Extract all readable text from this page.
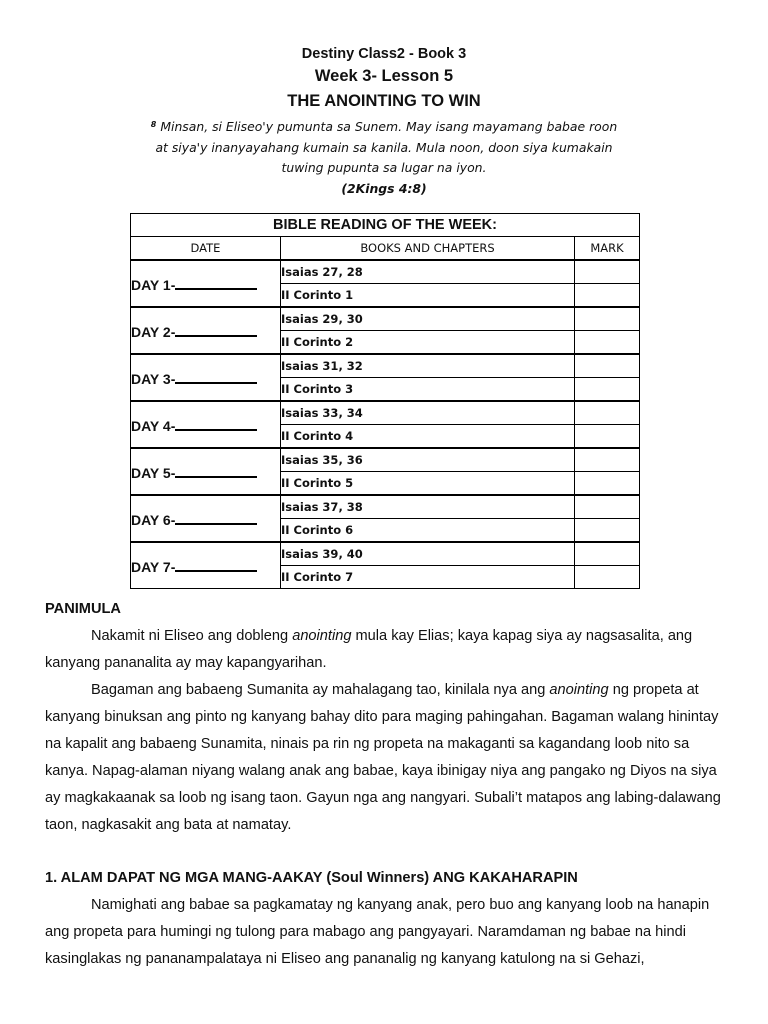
Destiny Class2 - Book 3
Week 3- Lesson 5
THE ANOINTING TO WIN
$^8$ Minsan, si Eliseo'y pumunta sa Sunem. May isang mayamang babae roon
at siya'y inanyayahang kumain sa kanila. Mula noon, doon siya kumakain
tuwing pupunta sa lugar na iyon.
(2Kings 4:8)
BIBLE READING OF THE WEEK:		
DATE	BOOKS AND CHAPTERS	MARK
DAY 1-	Isaias 27, 28	
	II Corinto 1	
DAY 2-	Isaias 29, 30	
	II Corinto 2	
DAY 3-	Isaias 31, 32	
	II Corinto 3	
DAY 4-	Isaias 33, 34	
	II Corinto 4	
DAY 5-	Isaias 35, 36	
	II Corinto 5	
DAY 6-	Isaias 37, 38	
	II Corinto 6	
DAY 7-	Isaias 39, 40	
	II Corinto 7	
PANIMULA

Nakamit ni Eliseo ang dobleng anointing mula kay Elias; kaya kapag siya ay nagsasalita, ang kanyang pananalita ay may kapangyarihan.

Bagaman ang babaeng Sumanita ay mahalagang tao, kinilala nya ang anointing ng propeta at kanyang binuksan ang pinto ng kanyang bahay dito para maging pahingahan. Bagaman walang hinintay na kapalit ang babaeng Sunamita, ninais pa rin ng propeta na makaganti sa kagandang loob nito sa kanya. Napag-alaman niyang walang anak ang babae, kaya ibinigay niya ang pangako ng Diyos na siya ay magkakaanak sa loob ng isang taon. Gayun nga ang nangyari. Subali’t matapos ang labing-dalawang taon, nagkasakit ang bata at namatay.

1. ALAM DAPAT NG MGA MANG-AAKAY (Soul Winners) ANG KAKAHARAPIN

Namighati ang babae sa pagkamatay ng kanyang anak, pero buo ang kanyang loob na hanapin ang propeta para humingi ng tulong para mabago ang pangyayari. Naramdaman ng babae na hindi kasinglakas ng pananampalataya ni Eliseo ang pananalig ng kanyang katulong na si Gehazi,
